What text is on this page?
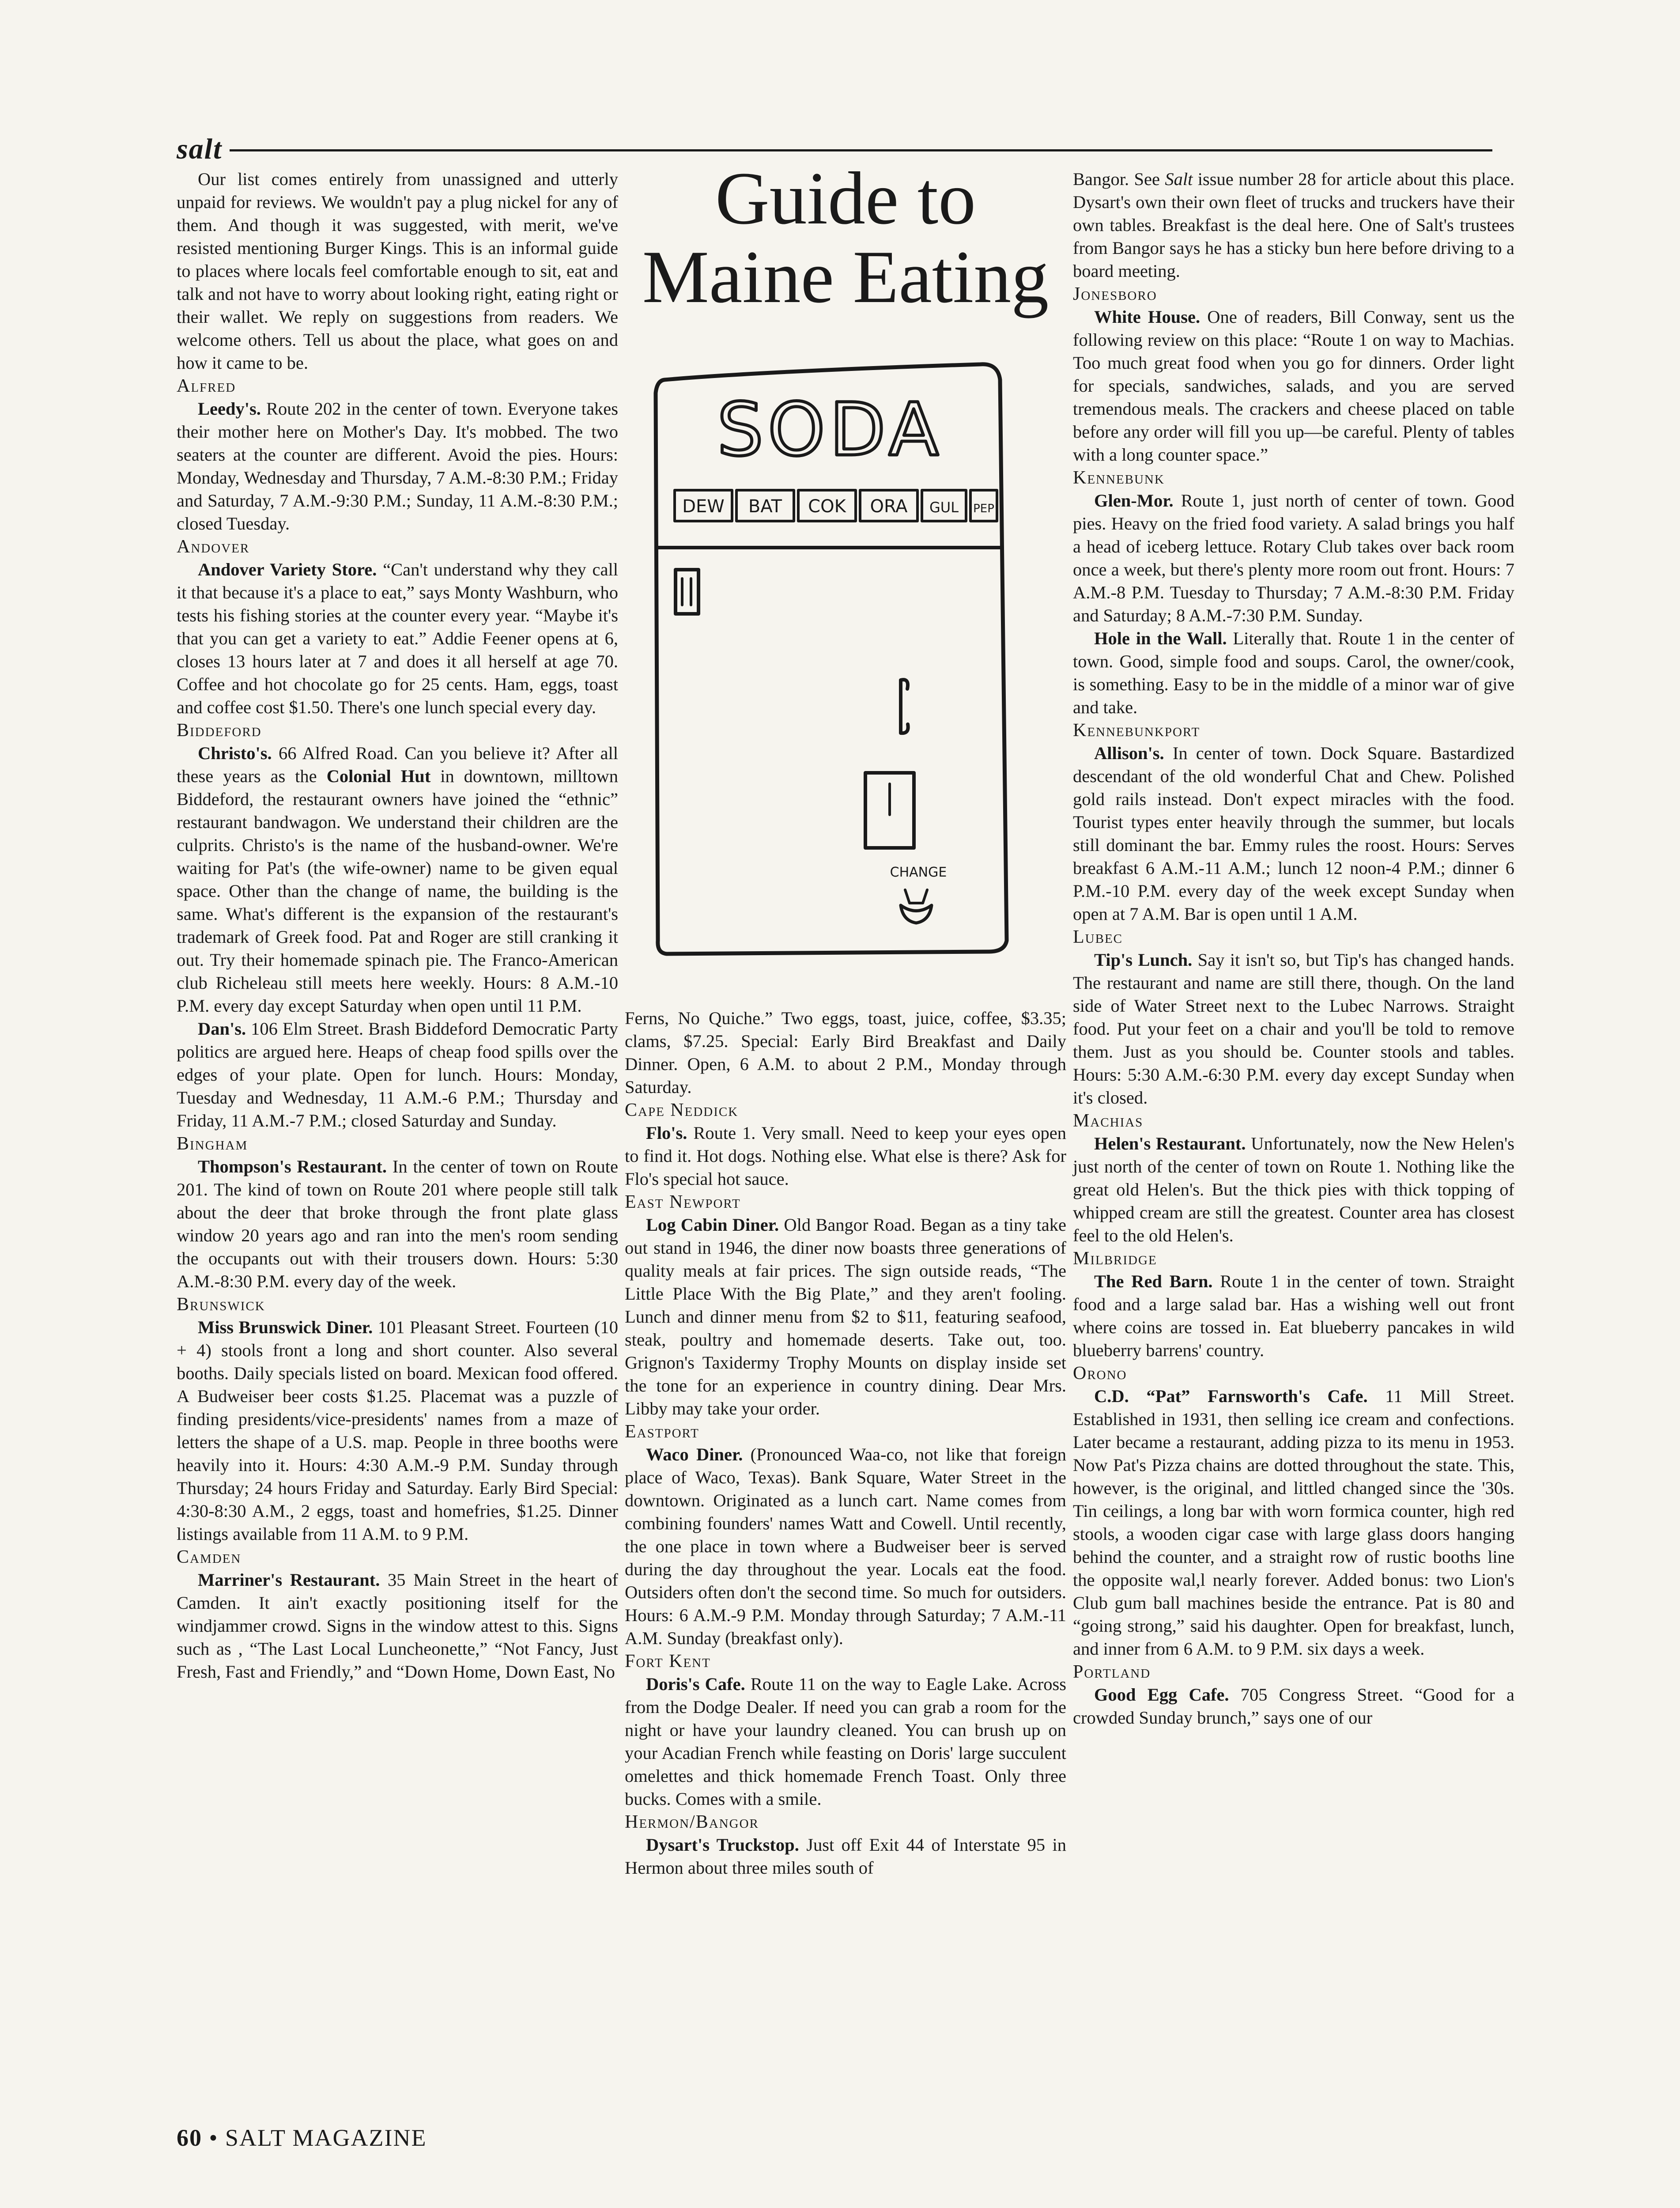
salt

Our list comes entirely from unassigned and utterly unpaid for reviews. We wouldn't pay a plug nickel for any of them. And though it was suggested, with merit, we've resisted mentioning Burger Kings. This is an informal guide to places where locals feel comfortable enough to sit, eat and talk and not have to worry about looking right, eating right or their wallet. We reply on suggestions from readers. We welcome others. Tell us about the place, what goes on and how it came to be.

Alfred

Leedy's. Route 202 in the center of town. Everyone takes their mother here on Mother's Day. It's mobbed. The two seaters at the counter are different. Avoid the pies. Hours: Monday, Wednesday and Thursday, 7 A.M.-8:30 P.M.; Friday and Saturday, 7 A.M.-9:30 P.M.; Sunday, 11 A.M.-8:30 P.M.; closed Tuesday.

Andover

Andover Variety Store. “Can't understand why they call it that because it's a place to eat,” says Monty Washburn, who tests his fishing stories at the counter every year. “Maybe it's that you can get a variety to eat.” Addie Feener opens at 6, closes 13 hours later at 7 and does it all herself at age 70. Coffee and hot chocolate go for 25 cents. Ham, eggs, toast and coffee cost $1.50. There's one lunch special every day.

Biddeford

Christo's. 66 Alfred Road. Can you believe it? After all these years as the Colonial Hut in downtown, milltown Biddeford, the restaurant owners have joined the “ethnic” restaurant bandwagon. We understand their children are the culprits. Christo's is the name of the husband-owner. We're waiting for Pat's (the wife-owner) name to be given equal space. Other than the change of name, the building is the same. What's different is the expansion of the restaurant's trademark of Greek food. Pat and Roger are still cranking it out. Try their homemade spinach pie. The Franco-American club Richeleau still meets here weekly. Hours: 8 A.M.-10 P.M. every day except Saturday when open until 11 P.M.

Dan's. 106 Elm Street. Brash Biddeford Democratic Party politics are argued here. Heaps of cheap food spills over the edges of your plate. Open for lunch. Hours: Monday, Tuesday and Wednesday, 11 A.M.-6 P.M.; Thursday and Friday, 11 A.M.-7 P.M.; closed Saturday and Sunday.

Bingham

Thompson's Restaurant. In the center of town on Route 201. The kind of town on Route 201 where people still talk about the deer that broke through the front plate glass window 20 years ago and ran into the men's room sending the occupants out with their trousers down. Hours: 5:30 A.M.-8:30 P.M. every day of the week.

Brunswick

Miss Brunswick Diner. 101 Pleasant Street. Fourteen (10 + 4) stools front a long and short counter. Also several booths. Daily specials listed on board. Mexican food offered. A Budweiser beer costs $1.25. Placemat was a puzzle of finding presidents/vice-presidents' names from a maze of letters the shape of a U.S. map. People in three booths were heavily into it. Hours: 4:30 A.M.-9 P.M. Sunday through Thursday; 24 hours Friday and Saturday. Early Bird Special: 4:30-8:30 A.M., 2 eggs, toast and homefries, $1.25. Dinner listings available from 11 A.M. to 9 P.M.

Camden

Marriner's Restaurant. 35 Main Street in the heart of Camden. It ain't exactly positioning itself for the windjammer crowd. Signs in the window attest to this. Signs such as , “The Last Local Luncheonette,” “Not Fancy, Just Fresh, Fast and Friendly,” and “Down Home, Down East, No

Guide to
Maine Eating
SODA
DEW BAT COK ORA GUL PEP
CHANGE

Ferns, No Quiche.” Two eggs, toast, juice, coffee, $3.35; clams, $7.25. Special: Early Bird Breakfast and Daily Dinner. Open, 6 A.M. to about 2 P.M., Monday through Saturday.

Cape Neddick

Flo's. Route 1. Very small. Need to keep your eyes open to find it. Hot dogs. Nothing else. What else is there? Ask for Flo's special hot sauce.

East Newport

Log Cabin Diner. Old Bangor Road. Began as a tiny take out stand in 1946, the diner now boasts three generations of quality meals at fair prices. The sign outside reads, “The Little Place With the Big Plate,” and they aren't fooling. Lunch and dinner menu from $2 to $11, featuring seafood, steak, poultry and homemade deserts. Take out, too. Grignon's Taxidermy Trophy Mounts on display inside set the tone for an experience in country dining. Dear Mrs. Libby may take your order.

Eastport

Waco Diner. (Pronounced Waa-co, not like that foreign place of Waco, Texas). Bank Square, Water Street in the downtown. Originated as a lunch cart. Name comes from combining founders' names Watt and Cowell. Until recently, the one place in town where a Budweiser beer is served during the day throughout the year. Locals eat the food. Outsiders often don't the second time. So much for outsiders. Hours: 6 A.M.-9 P.M. Monday through Saturday; 7 A.M.-11 A.M. Sunday (breakfast only).

Fort Kent

Doris's Cafe. Route 11 on the way to Eagle Lake. Across from the Dodge Dealer. If need you can grab a room for the night or have your laundry cleaned. You can brush up on your Acadian French while feasting on Doris' large succulent omelettes and thick homemade French Toast. Only three bucks. Comes with a smile.

Hermon/Bangor

Dysart's Truckstop. Just off Exit 44 of Interstate 95 in Hermon about three miles south of

Bangor. See Salt issue number 28 for article about this place. Dysart's own their own fleet of trucks and truckers have their own tables. Breakfast is the deal here. One of Salt's trustees from Bangor says he has a sticky bun here before driving to a board meeting.

Jonesboro

White House. One of readers, Bill Conway, sent us the following review on this place: “Route 1 on way to Machias. Too much great food when you go for dinners. Order light for specials, sandwiches, salads, and you are served tremendous meals. The crackers and cheese placed on table before any order will fill you up—be careful. Plenty of tables with a long counter space.”

Kennebunk

Glen-Mor. Route 1, just north of center of town. Good pies. Heavy on the fried food variety. A salad brings you half a head of iceberg lettuce. Rotary Club takes over back room once a week, but there's plenty more room out front. Hours: 7 A.M.-8 P.M. Tuesday to Thursday; 7 A.M.-8:30 P.M. Friday and Saturday; 8 A.M.-7:30 P.M. Sunday.

Hole in the Wall. Literally that. Route 1 in the center of town. Good, simple food and soups. Carol, the owner/cook, is something. Easy to be in the middle of a minor war of give and take.

Kennebunkport

Allison's. In center of town. Dock Square. Bastardized descendant of the old wonderful Chat and Chew. Polished gold rails instead. Don't expect miracles with the food. Tourist types enter heavily through the summer, but locals still dominant the bar. Emmy rules the roost. Hours: Serves breakfast 6 A.M.-11 A.M.; lunch 12 noon-4 P.M.; dinner 6 P.M.-10 P.M. every day of the week except Sunday when open at 7 A.M. Bar is open until 1 A.M.

Lubec

Tip's Lunch. Say it isn't so, but Tip's has changed hands. The restaurant and name are still there, though. On the land side of Water Street next to the Lubec Narrows. Straight food. Put your feet on a chair and you'll be told to remove them. Just as you should be. Counter stools and tables. Hours: 5:30 A.M.-6:30 P.M. every day except Sunday when it's closed.

Machias

Helen's Restaurant. Unfortunately, now the New Helen's just north of the center of town on Route 1. Nothing like the great old Helen's. But the thick pies with thick topping of whipped cream are still the greatest. Counter area has closest feel to the old Helen's.

Milbridge

The Red Barn. Route 1 in the center of town. Straight food and a large salad bar. Has a wishing well out front where coins are tossed in. Eat blueberry pancakes in wild blueberry barrens' country.

Orono

C.D. “Pat” Farnsworth's Cafe. 11 Mill Street. Established in 1931, then selling ice cream and confections. Later became a restaurant, adding pizza to its menu in 1953. Now Pat's Pizza chains are dotted throughout the state. This, however, is the original, and littled changed since the '30s. Tin ceilings, a long bar with worn formica counter, high red stools, a wooden cigar case with large glass doors hanging behind the counter, and a straight row of rustic booths line the opposite wal,l nearly forever. Added bonus: two Lion's Club gum ball machines beside the entrance. Pat is 80 and “going strong,” said his daughter. Open for breakfast, lunch, and inner from 6 A.M. to 9 P.M. six days a week.

Portland

Good Egg Cafe. 705 Congress Street. “Good for a crowded Sunday brunch,” says one of our

60 • SALT MAGAZINE
